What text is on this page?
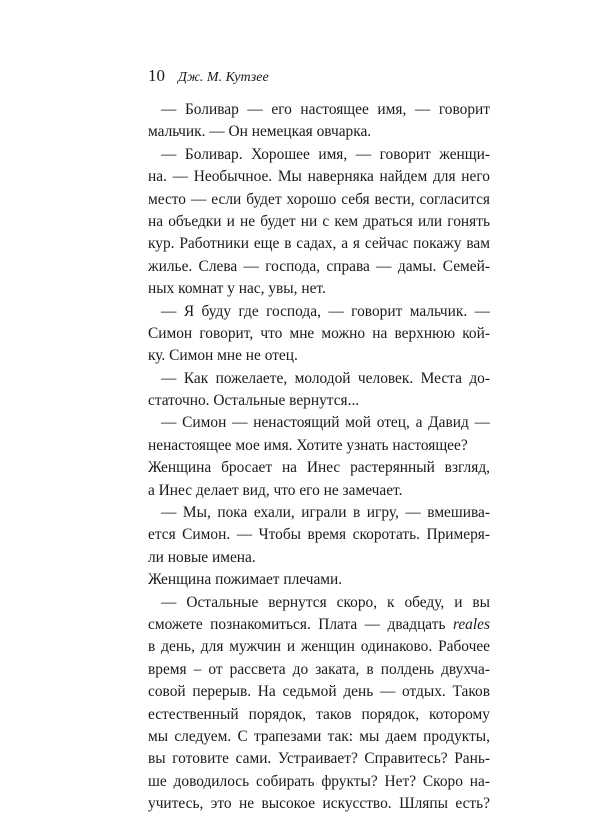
10 Дж. М. Кутзее
— Боливар — его настоящее имя, — говорит
мальчик. — Он немецкая овчарка.
— Боливар. Хорошее имя, — говорит женщи-
на. — Необычное. Мы наверняка найдем для него
место — если будет хорошо себя вести, согласится
на объедки и не будет ни с кем драться или гонять
кур. Работники еще в садах, а я сейчас покажу вам
жилье. Слева — господа, справа — дамы. Семей-
ных комнат у нас, увы, нет.
— Я буду где господа, — говорит мальчик. —
Симон говорит, что мне можно на верхнюю кой-
ку. Симон мне не отец.
— Как пожелаете, молодой человек. Места до-
статочно. Остальные вернутся...
— Симон — ненастоящий мой отец, а Давид —
ненастоящее мое имя. Хотите узнать настоящее?
Женщина бросает на Инес растерянный взгляд,
а Инес делает вид, что его не замечает.
— Мы, пока ехали, играли в игру, — вмешива-
ется Симон. — Чтобы время скоротать. Примеря-
ли новые имена.
Женщина пожимает плечами.
— Остальные вернутся скоро, к обеду, и вы
сможете познакомиться. Плата — двадцать reales
в день, для мужчин и женщин одинаково. Рабочее
время – от рассвета до заката, в полдень двухча-
совой перерыв. На седьмой день — отдых. Таков
естественный порядок, таков порядок, которому
мы следуем. С трапезами так: мы даем продукты,
вы готовите сами. Устраивает? Справитесь? Рань-
ше доводилось собирать фрукты? Нет? Скоро на-
учитесь, это не высокое искусство. Шляпы есть?
